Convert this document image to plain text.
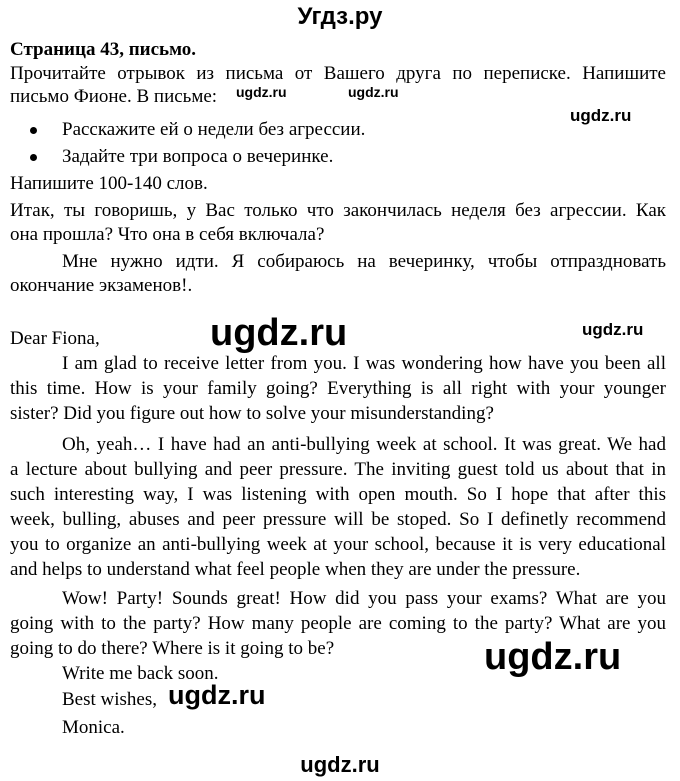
Угдз.ру
Страница 43, письмо.
Прочитайте отрывок из письма от Вашего друга по переписке. Напишите
письмо Фионе. В письме:	ugdz.ru	ugdz.ru
ugdz.ru
Расскажите ей о недели без агрессии.
Задайте три вопроса о вечеринке.
Напишите 100-140 слов.
Итак, ты говоришь, у Вас только что закончилась неделя без агрессии. Как
она прошла? Что она в себя включала?
Мне нужно идти. Я собираюсь на вечеринку, чтобы отпраздновать
окончание экзаменов!.
Dear Fiona,	ugdz.ru	ugdz.ru
I am glad to receive letter from you. I was wondering how have you been all
this time. How is your family going? Everything is all right with your younger
sister? Did you figure out how to solve your misunderstanding?
Oh, yeah… I have had an anti-bullying week at school. It was great. We had
a lecture about bullying and peer pressure. The inviting guest told us about that in
such interesting way, I was listening with open mouth. So I hope that after this
week, bulling, abuses and peer pressure will be stoped. So I definetly recommend
you to organize an anti-bullying week at your school, because it is very educational
and helps to understand what feel people when they are under the pressure.
Wow! Party! Sounds great! How did you pass your exams? What are you
going with to the party? How many people are coming to the party? What are you
going to do there? Where is it going to be?	ugdz.ru
Write me back soon.
Best wishes, ugdz.ru
Monica.
ugdz.ru
